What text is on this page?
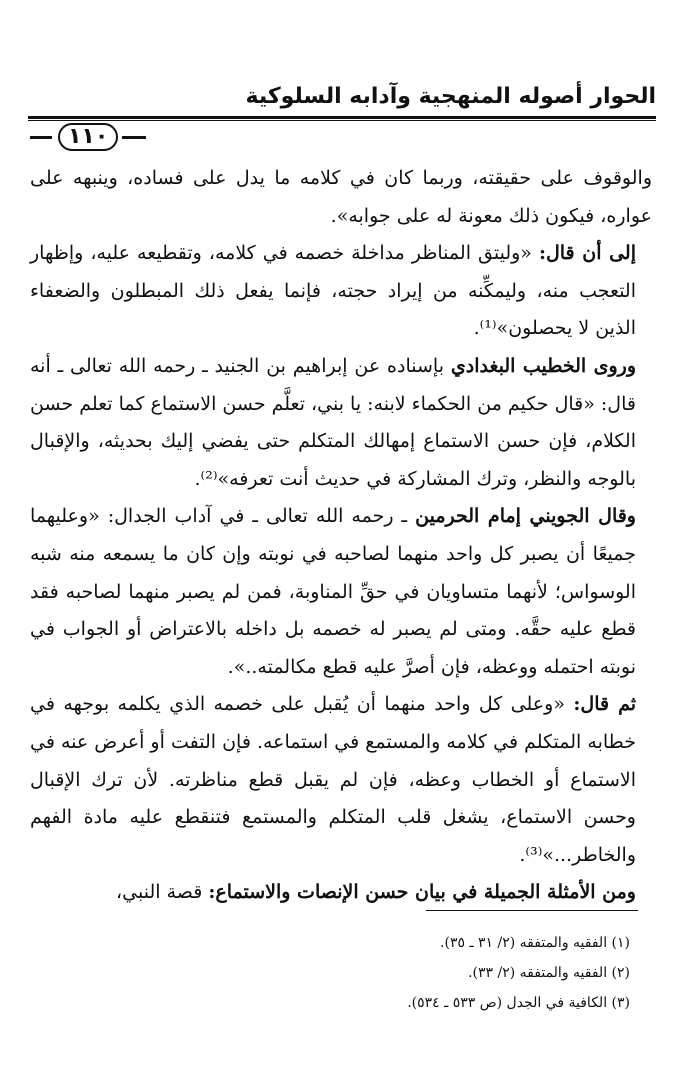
الحوار أصوله المنهجية وآدابه السلوكية
١١٠

والوقوف على حقيقته، وربما كان في كلامه ما يدل على فساده، وينبهه على عواره، فيكون ذلك معونة له على جوابه».

إلى أن قال: «وليتق المناظر مداخلة خصمه في كلامه، وتقطيعه عليه، وإظهار التعجب منه، وليمكِّنه من إيراد حجته، فإنما يفعل ذلك المبطلون والضعفاء الذين لا يحصلون»⁽¹⁾.

وروى الخطيب البغدادي بإسناده عن إبراهيم بن الجنيد ـ رحمه الله تعالى ـ أنه قال: «قال حكيم من الحكماء لابنه: يا بني، تعلَّم حسن الاستماع كما تعلم حسن الكلام، فإن حسن الاستماع إمهالك المتكلم حتى يفضي إليك بحديثه، والإقبال بالوجه والنظر، وترك المشاركة في حديث أنت تعرفه»⁽²⁾.

وقال الجويني إمام الحرمين ـ رحمه الله تعالى ـ في آداب الجدال: «وعليهما جميعًا أن يصبر كل واحد منهما لصاحبه في نوبته وإن كان ما يسمعه منه شبه الوسواس؛ لأنهما متساويان في حقِّ المناوبة، فمن لم يصبر منهما لصاحبه فقد قطع عليه حقَّه. ومتى لم يصبر له خصمه بل داخله بالاعتراض أو الجواب في نوبته احتمله ووعظه، فإن أصرَّ عليه قطع مكالمته..».

ثم قال: «وعلى كل واحد منهما أن يُقبل على خصمه الذي يكلمه بوجهه في خطابه المتكلم في كلامه والمستمع في استماعه. فإن التفت أو أعرض عنه في الاستماع أو الخطاب وعظه، فإن لم يقبل قطع مناظرته. لأن ترك الإقبال وحسن الاستماع، يشغل قلب المتكلم والمستمع فتنقطع عليه مادة الفهم والخاطر...»⁽³⁾.

ومن الأمثلة الجميلة في بيان حسن الإنصات والاستماع: قصة النبي،

(١) الفقيه والمتفقه (٢/ ٣١ ـ ٣٥).
(٢) الفقيه والمتفقه (٢/ ٣٣).
(٣) الكافية في الجدل (ص ٥٣٣ ـ ٥٣٤).
